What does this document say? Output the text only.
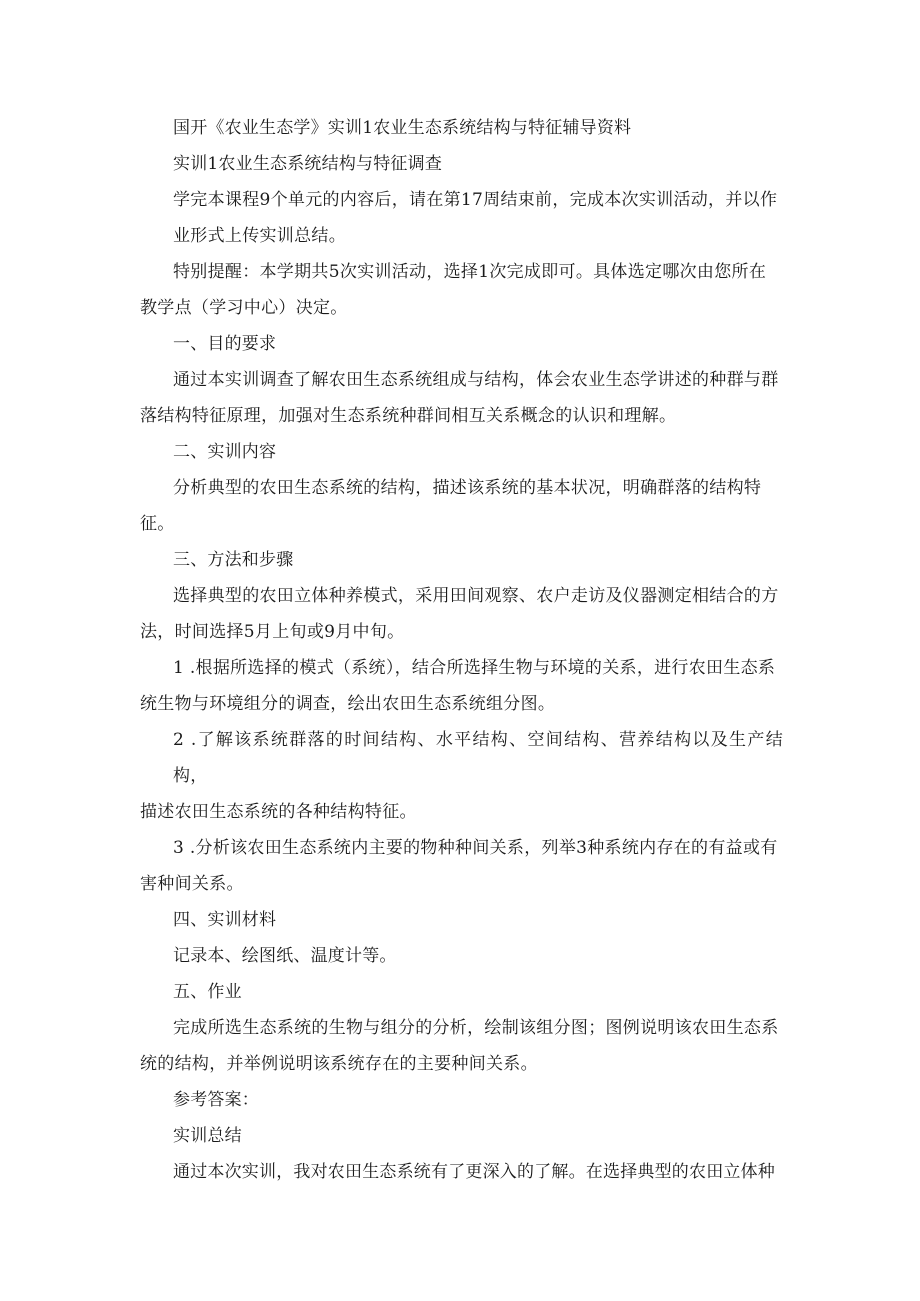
国开《农业生态学》实训1农业生态系统结构与特征辅导资料

实训1农业生态系统结构与特征调查

学完本课程9个单元的内容后，请在第17周结束前，完成本次实训活动，并以作
业形式上传实训总结。
特别提醒：本学期共5次实训活动，选择1次完成即可。具体选定哪次由您所在
教学点（学习中心）决定。

一、目的要求

通过本实训调查了解农田生态系统组成与结构，体会农业生态学讲述的种群与群
落结构特征原理，加强对生态系统种群间相互关系概念的认识和理解。

二、实训内容

分析典型的农田生态系统的结构，描述该系统的基本状况，明确群落的结构特
征。

三、方法和步骤

选择典型的农田立体种养模式，采用田间观察、农户走访及仪器测定相结合的方
法，时间选择5月上旬或9月中旬。
1 .根据所选择的模式（系统），结合所选择生物与环境的关系，进行农田生态系
统生物与环境组分的调查，绘出农田生态系统组分图。
2 .了解该系统群落的时间结构、水平结构、空间结构、营养结构以及生产结构，
描述农田生态系统的各种结构特征。
3 .分析该农田生态系统内主要的物种种间关系，列举3种系统内存在的有益或有
害种间关系。

四、实训材料

记录本、绘图纸、温度计等。

五、作业

完成所选生态系统的生物与组分的分析，绘制该组分图；图例说明该农田生态系
统的结构，并举例说明该系统存在的主要种间关系。

参考答案：

实训总结

通过本次实训，我对农田生态系统有了更深入的了解。在选择典型的农田立体种
